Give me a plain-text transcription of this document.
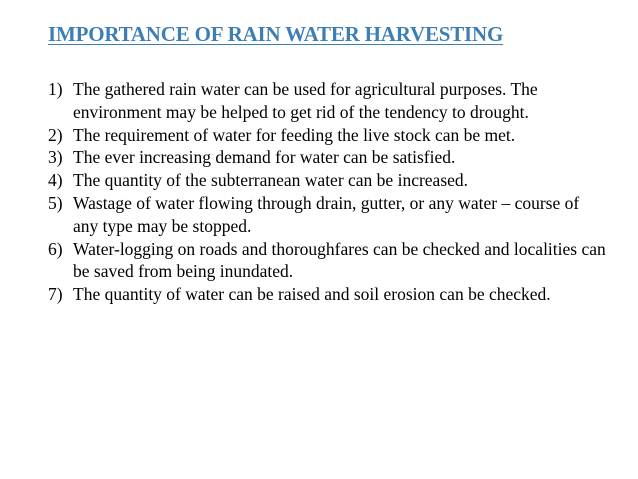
IMPORTANCE OF RAIN WATER HARVESTING
1) The gathered rain water can be used for agricultural purposes. The environment may be helped to get rid of the tendency to drought.
2) The requirement of water for feeding the live stock can be met.
3) The ever increasing demand for water can be satisfied.
4) The quantity of the subterranean water can be increased.
5) Wastage of water flowing through drain, gutter, or any water – course of any type may be stopped.
6) Water-logging on roads and thoroughfares can be checked and localities can be saved from being inundated.
7) The quantity of water can be raised and soil erosion can be checked.
